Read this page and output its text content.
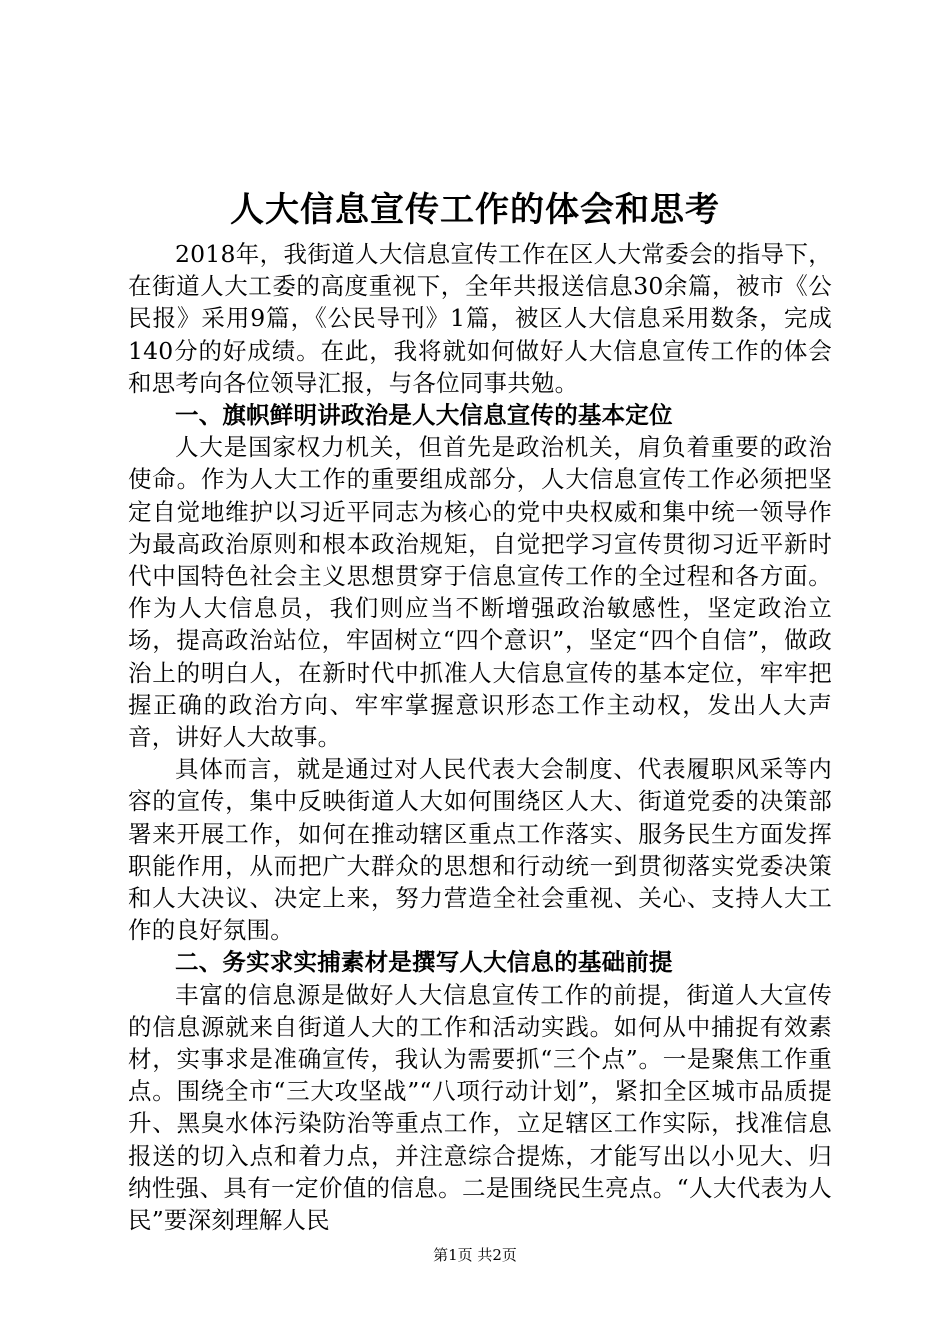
人大信息宣传工作的体会和思考

2018年，我街道人大信息宣传工作在区人大常委会的指导下，在街道人大工委的高度重视下，全年共报送信息30余篇，被市《公民报》采用9篇，《公民导刊》1篇，被区人大信息采用数条，完成140分的好成绩。在此，我将就如何做好人大信息宣传工作的体会和思考向各位领导汇报，与各位同事共勉。

一、旗帜鲜明讲政治是人大信息宣传的基本定位

人大是国家权力机关，但首先是政治机关，肩负着重要的政治使命。作为人大工作的重要组成部分，人大信息宣传工作必须把坚定自觉地维护以习近平同志为核心的党中央权威和集中统一领导作为最高政治原则和根本政治规矩，自觉把学习宣传贯彻习近平新时代中国特色社会主义思想贯穿于信息宣传工作的全过程和各方面。作为人大信息员，我们则应当不断增强政治敏感性，坚定政治立场，提高政治站位，牢固树立“四个意识”，坚定“四个自信”，做政治上的明白人，在新时代中抓准人大信息宣传的基本定位，牢牢把握正确的政治方向、牢牢掌握意识形态工作主动权，发出人大声音，讲好人大故事。

具体而言，就是通过对人民代表大会制度、代表履职风采等内容的宣传，集中反映街道人大如何围绕区人大、街道党委的决策部署来开展工作，如何在推动辖区重点工作落实、服务民生方面发挥职能作用，从而把广大群众的思想和行动统一到贯彻落实党委决策和人大决议、决定上来，努力营造全社会重视、关心、支持人大工作的良好氛围。

二、务实求实捕素材是撰写人大信息的基础前提

丰富的信息源是做好人大信息宣传工作的前提，街道人大宣传的信息源就来自街道人大的工作和活动实践。如何从中捕捉有效素材，实事求是准确宣传，我认为需要抓“三个点”。一是聚焦工作重点。围绕全市“三大攻坚战”“八项行动计划”，紧扣全区城市品质提升、黑臭水体污染防治等重点工作，立足辖区工作实际，找准信息报送的切入点和着力点，并注意综合提炼，才能写出以小见大、归纳性强、具有一定价值的信息。二是围绕民生亮点。“人大代表为人民”要深刻理解人民

第1页 共2页
